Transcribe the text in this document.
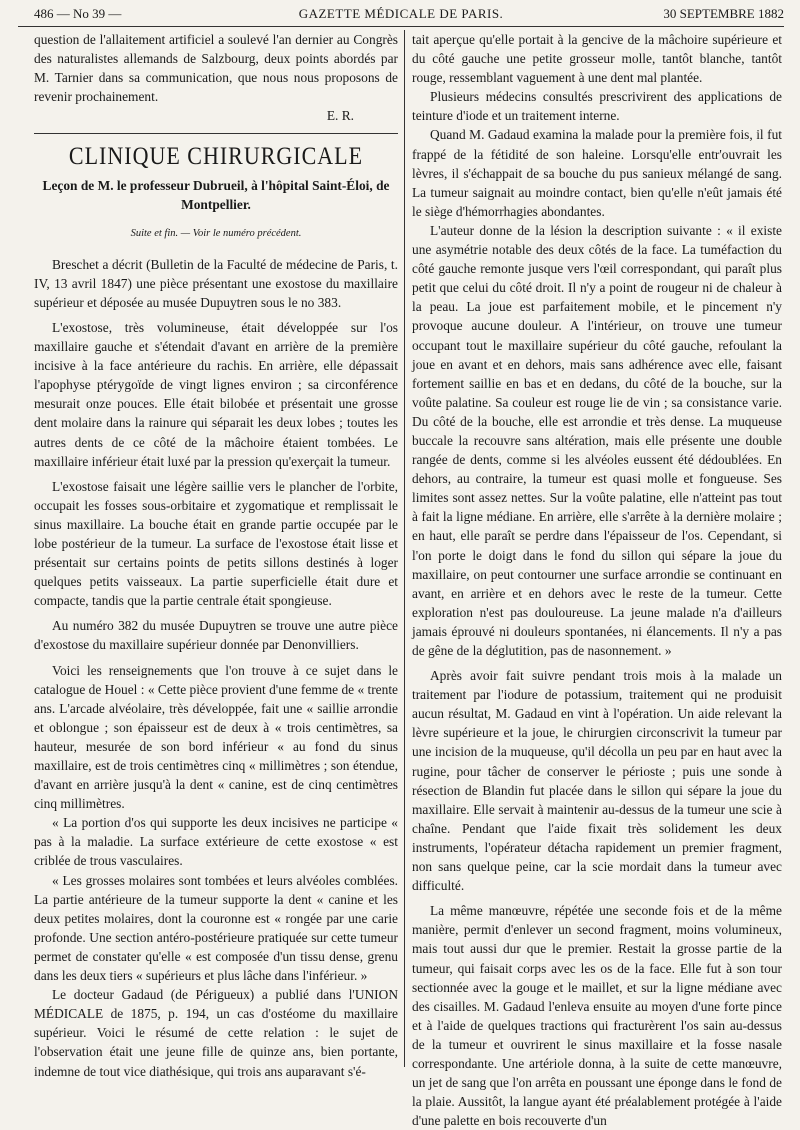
486 — No 39 —	GAZETTE MÉDICALE DE PARIS.	30 SEPTEMBRE 1882

question de l'allaitement artificiel a soulevé l'an dernier au Congrès des naturalistes allemands de Salzbourg, deux points abordés par M. Tarnier dans sa communication, que nous nous proposons de revenir prochainement.

E. R.

CLINIQUE CHIRURGICALE
Leçon de M. le professeur Dubrueil, à l'hôpital Saint-Éloi, de Montpellier.
Suite et fin. — Voir le numéro précédent.

Breschet a décrit (Bulletin de la Faculté de médecine de Paris, t. IV, 13 avril 1847) une pièce présentant une exostose du maxillaire supérieur et déposée au musée Dupuytren sous le no 383.

L'exostose, très volumineuse, était développée sur l'os maxillaire gauche et s'étendait d'avant en arrière de la première incisive à la face antérieure du rachis. En arrière, elle dépassait l'apophyse ptérygoïde de vingt lignes environ ; sa circonférence mesurait onze pouces. Elle était bilobée et présentait une grosse dent molaire dans la rainure qui séparait les deux lobes ; toutes les autres dents de ce côté de la mâchoire étaient tombées. Le maxillaire inférieur était luxé par la pression qu'exerçait la tumeur.

L'exostose faisait une légère saillie vers le plancher de l'orbite, occupait les fosses sous-orbitaire et zygomatique et remplissait le sinus maxillaire. La bouche était en grande partie occupée par le lobe postérieur de la tumeur. La surface de l'exostose était lisse et présentait sur certains points de petits sillons destinés à loger quelques petits vaisseaux. La partie superficielle était dure et compacte, tandis que la partie centrale était spongieuse.

Au numéro 382 du musée Dupuytren se trouve une autre pièce d'exostose du maxillaire supérieur donnée par Denonvilliers.

Voici les renseignements que l'on trouve à ce sujet dans le catalogue de Houel : « Cette pièce provient d'une femme de « trente ans. L'arcade alvéolaire, très développée, fait une « saillie arrondie et oblongue ; son épaisseur est de deux à « trois centimètres, sa hauteur, mesurée de son bord inférieur « au fond du sinus maxillaire, est de trois centimètres cinq « millimètres ; son étendue, d'avant en arrière jusqu'à la dent « canine, est de cinq centimètres cinq millimètres.

« La portion d'os qui supporte les deux incisives ne participe « pas à la maladie. La surface extérieure de cette exostose « est criblée de trous vasculaires.

« Les grosses molaires sont tombées et leurs alvéoles comblées. La partie antérieure de la tumeur supporte la dent « canine et les deux petites molaires, dont la couronne est « rongée par une carie profonde. Une section antéro-postérieure pratiquée sur cette tumeur permet de constater qu'elle « est composée d'un tissu dense, grenu dans les deux tiers « supérieurs et plus lâche dans l'inférieur. »

Le docteur Gadaud (de Périgueux) a publié dans l'UNION MÉDICALE de 1875, p. 194, un cas d'ostéome du maxillaire supérieur. Voici le résumé de cette relation : le sujet de l'observation était une jeune fille de quinze ans, bien portante, indemne de tout vice diathésique, qui trois ans auparavant s'é-

tait aperçue qu'elle portait à la gencive de la mâchoire supérieure et du côté gauche une petite grosseur molle, tantôt blanche, tantôt rouge, ressemblant vaguement à une dent mal plantée.

Plusieurs médecins consultés prescrivirent des applications de teinture d'iode et un traitement interne.

Quand M. Gadaud examina la malade pour la première fois, il fut frappé de la fétidité de son haleine. Lorsqu'elle entr'ouvrait les lèvres, il s'échappait de sa bouche du pus sanieux mélangé de sang. La tumeur saignait au moindre contact, bien qu'elle n'eût jamais été le siège d'hémorrhagies abondantes.

L'auteur donne de la lésion la description suivante : « il existe une asymétrie notable des deux côtés de la face. La tuméfaction du côté gauche remonte jusque vers l'œil correspondant, qui paraît plus petit que celui du côté droit. Il n'y a point de rougeur ni de chaleur à la peau. La joue est parfaitement mobile, et le pincement n'y provoque aucune douleur. A l'intérieur, on trouve une tumeur occupant tout le maxillaire supérieur du côté gauche, refoulant la joue en avant et en dehors, mais sans adhérence avec elle, faisant fortement saillie en bas et en dedans, du côté de la bouche, sur la voûte palatine. Sa couleur est rouge lie de vin ; sa consistance varie. Du côté de la bouche, elle est arrondie et très dense. La muqueuse buccale la recouvre sans altération, mais elle présente une double rangée de dents, comme si les alvéoles eussent été dédoublées. En dehors, au contraire, la tumeur est quasi molle et fongueuse. Ses limites sont assez nettes. Sur la voûte palatine, elle n'atteint pas tout à fait la ligne médiane. En arrière, elle s'arrête à la dernière molaire ; en haut, elle paraît se perdre dans l'épaisseur de l'os. Cependant, si l'on porte le doigt dans le fond du sillon qui sépare la joue du maxillaire, on peut contourner une surface arrondie se continuant en avant, en arrière et en dehors avec le reste de la tumeur. Cette exploration n'est pas douloureuse. La jeune malade n'a d'ailleurs jamais éprouvé ni douleurs spontanées, ni élancements. Il n'y a pas de gêne de la déglutition, pas de nasonnement. »

Après avoir fait suivre pendant trois mois à la malade un traitement par l'iodure de potassium, traitement qui ne produisit aucun résultat, M. Gadaud en vint à l'opération. Un aide relevant la lèvre supérieure et la joue, le chirurgien circonscrivit la tumeur par une incision de la muqueuse, qu'il décolla un peu par en haut avec la rugine, pour tâcher de conserver le périoste ; puis une sonde à résection de Blandin fut placée dans le sillon qui sépare la joue du maxillaire. Elle servait à maintenir au-dessus de la tumeur une scie à chaîne. Pendant que l'aide fixait très solidement les deux instruments, l'opérateur détacha rapidement un premier fragment, non sans quelque peine, car la scie mordait dans la tumeur avec difficulté.

La même manœuvre, répétée une seconde fois et de la même manière, permit d'enlever un second fragment, moins volumineux, mais tout aussi dur que le premier. Restait la grosse partie de la tumeur, qui faisait corps avec les os de la face. Elle fut à son tour sectionnée avec la gouge et le maillet, et sur la ligne médiane avec des cisailles. M. Gadaud l'enleva ensuite au moyen d'une forte pince et à l'aide de quelques tractions qui fracturèrent l'os sain au-dessus de la tumeur et ouvrirent le sinus maxillaire et la fosse nasale correspondante. Une artériole donna, à la suite de cette manœuvre, un jet de sang que l'on arrêta en poussant une éponge dans le fond de la plaie. Aussitôt, la langue ayant été préalablement protégée à l'aide d'une palette en bois recouverte d'un
